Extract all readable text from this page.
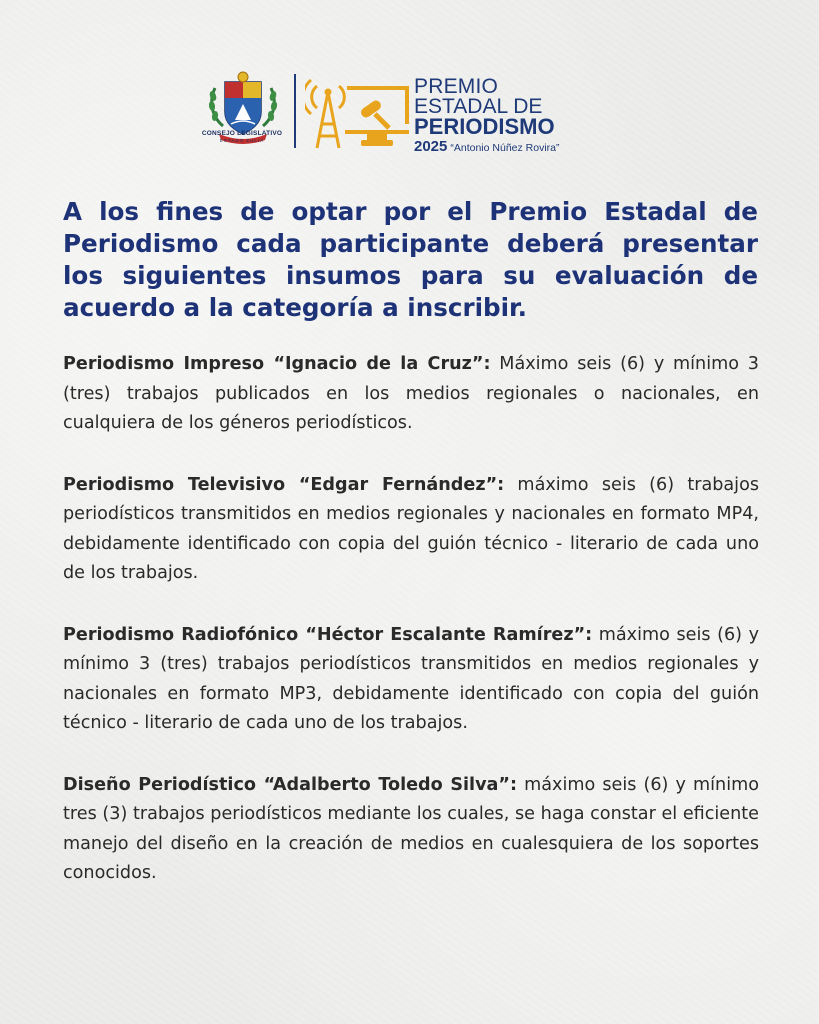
CONSEJO LEGISLATIVO
ESTADO ZULIA
PREMIO
ESTADAL DE
PERIODISMO
2025 “Antonio Núñez Rovira”
A los fines de optar por el Premio Estadal de Periodismo cada participante deberá presentar los siguientes insumos para su evaluación de acuerdo a la categoría a inscribir.

Periodismo Impreso “Ignacio de la Cruz”: Máximo seis (6) y mínimo 3 (tres) trabajos publicados en los medios regionales o nacionales, en cualquiera de los géneros periodísticos.

Periodismo Televisivo “Edgar Fernández”: máximo seis (6) trabajos periodísticos transmitidos en medios regionales y nacionales en formato MP4, debidamente identificado con copia del guión técnico - literario de cada uno de los trabajos.

Periodismo Radiofónico “Héctor Escalante Ramírez”: máximo seis (6) y mínimo 3 (tres) trabajos periodísticos transmitidos en medios regionales y nacionales en formato MP3, debidamente identificado con copia del guión técnico - literario de cada uno de los trabajos.

Diseño Periodístico “Adalberto Toledo Silva”: máximo seis (6) y mínimo tres (3) trabajos periodísticos mediante los cuales, se haga constar el eficiente manejo del diseño en la creación de medios en cualesquiera de los soportes conocidos.
